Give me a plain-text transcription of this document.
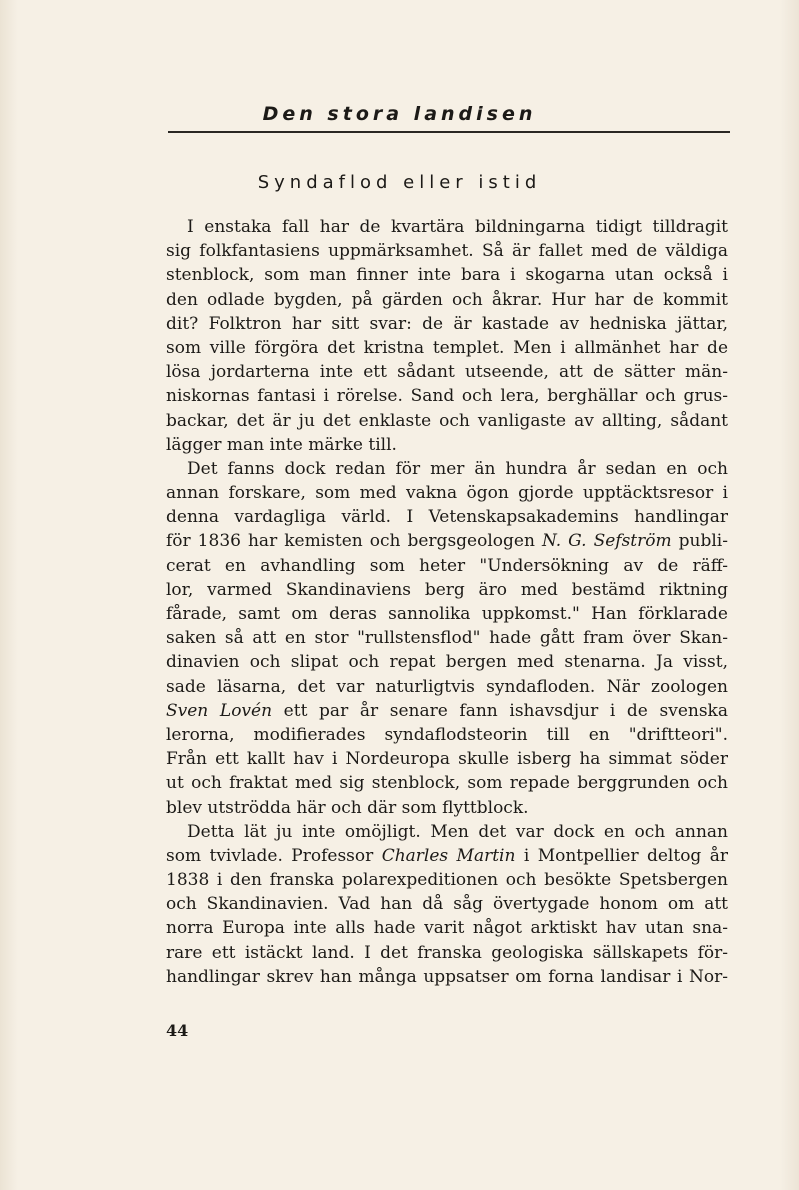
Den stora landisen
Syndaflod eller istid
I enstaka fall har de kvartära bildningarna tidigt tilldragit
sig folkfantasiens uppmärksamhet. Så är fallet med de väldiga
stenblock, som man finner inte bara i skogarna utan också i
den odlade bygden, på gärden och åkrar. Hur har de kommit
dit? Folktron har sitt svar: de är kastade av hedniska jättar,
som ville förgöra det kristna templet. Men i allmänhet har de
lösa jordarterna inte ett sådant utseende, att de sätter män-
niskornas fantasi i rörelse. Sand och lera, berghällar och grus-
backar, det är ju det enklaste och vanligaste av allting, sådant
lägger man inte märke till.
Det fanns dock redan för mer än hundra år sedan en och
annan forskare, som med vakna ögon gjorde upptäcktsresor i
denna vardagliga värld. I Vetenskapsakademins handlingar
för 1836 har kemisten och bergsgeologen N. G. Sefström publi-
cerat en avhandling som heter "Undersökning av de räff-
lor, varmed Skandinaviens berg äro med bestämd riktning
fårade, samt om deras sannolika uppkomst." Han förklarade
saken så att en stor "rullstensflod" hade gått fram över Skan-
dinavien och slipat och repat bergen med stenarna. Ja visst,
sade läsarna, det var naturligtvis syndafloden. När zoologen
Sven Lovén ett par år senare fann ishavsdjur i de svenska
lerorna, modifierades syndaflodsteorin till en "driftteori".
Från ett kallt hav i Nordeuropa skulle isberg ha simmat söder
ut och fraktat med sig stenblock, som repade berggrunden och
blev utströdda här och där som flyttblock.
Detta lät ju inte omöjligt. Men det var dock en och annan
som tvivlade. Professor Charles Martin i Montpellier deltog år
1838 i den franska polarexpeditionen och besökte Spetsbergen
och Skandinavien. Vad han då såg övertygade honom om att
norra Europa inte alls hade varit något arktiskt hav utan sna-
rare ett istäckt land. I det franska geologiska sällskapets för-
handlingar skrev han många uppsatser om forna landisar i Nor-
44
